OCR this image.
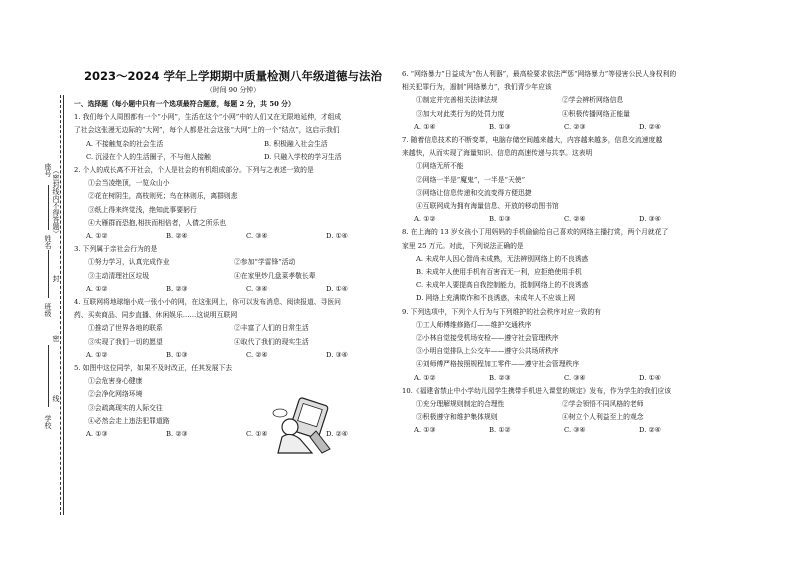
学校
班级
姓名
座号 （密封线内不得答题）
密
封
线
2023～2024 学年上学期期中质量检测八年级道德与法治
（时间 90 分钟）
一、选择题（每小题中只有一个选项最符合题意，每题 2 分，共 50 分）
1. 我们每个人周围都有一个“小网”，生活在这个“小网”中的人们又在无限地延伸，才组成
了社会这张漫无边际的“大网”，每个人都是社会这张“大网”上的一个“结点”，这启示我们
A. 不接触复杂的社会生活	B. 积极融入社会生活
C. 沉浸在个人的生活圈子，不与他人接触	D. 只融入学校的学习生活
2. 个人的成长离不开社会，个人是社会的有机组成部分。下列与之表述一致的是
①会当凌绝顶，一览众山小
②花在树阴生，高枝则死；鸟在林则乐，离群则悲
③纸上得来终觉浅，绝知此事要躬行
④大雁群而恐抱,相扶而相倍者，人倩之所乐也
A. ①②	B. ②④	C. ③④	D. ①④
3. 下列属于亲社会行为的是
①努力学习，认真完成作业	②参加“学雷锋”活动
③主动清理社区垃圾	④在家里炒几盘菜孝敬长辈
A. ①②	B. ②③	C. ③④	D. ①④
4. 互联网将地球缩小成一张小小的网，在这张网上，你可以发布消息、阅读报道、寻医问
药、买卖商品、同步直播、休闲娱乐……这说明互联网
①推动了世界各地的联系	②丰富了人们的日常生活
③实现了我们一切的愿望	④取代了我们的现实生活
A. ①②	B. ①③	C. ②④	D. ③④
5. 如图中这位同学，如果不及时改正，任其发展下去
①会危害身心健康
②会净化网络环境
③会疏离现实的人际交往
④必然会走上违法犯罪道路
A. ①③	B. ②③	C. ①④	D. ②④
6. “网络暴力”日益成为“伤人利器”，最高检要求依法严惩“网络暴力”等侵害公民人身权利的
相关犯罪行为，遏制“网络暴力”，我们青少年应该
①制定并完善相关法律法规	②学会辨析网络信息
③加大对此类行为的处罚力度	④积极传播网络正能量
A. ①④	B. ①③	C. ②③	D. ②④
7. 随着信息技术的不断变革，电脑存储空间越来越大，内容越来越多，信息交流速度越
来越快，从而实现了海量知识、信息的高速传递与共享。这表明
①网络无所不能
②网络一半是“魔鬼”，一半是“天使”
③网络让信息传递和交流变得方便迅捷
④互联网成为拥有海量信息、开放的移动图书馆
A. ①②	B. ①③	C. ②④	D. ③④
8. 在上海的 13 岁女孩小丁用妈妈的手机偷偷给自己喜欢的网络主播打赏，两个月就花了
家里 25 万元。对此，下列说法正确的是
A. 未成年人因心智尚未成熟，无法辨别网络上的不良诱惑
B. 未成年人使用手机有百害而无一利，应拒绝使用手机
C. 未成年人要提高自我控制能力，抵制网络上的不良诱惑
D. 网络上充满欺诈和不良诱惑，未成年人不应该上网
9. 下列选项中，下列个人行为与下列维护的社会秩序对应一致的有
①工人师傅维修路灯——维护交通秩序
②小林自觉接受机场安检——遵守社会管理秩序
③小明自觉排队上公交车——遵守公共场所秩序
④刘师傅严格按照规程加工零件——遵守社会管理秩序
A. ①②	B. ②③	C. ③④	D. ①④
10.《福建省禁止中小学幼儿园学生携带手机进入课堂的规定》发布，作为学生的我们应该
①充分理解规则制定的合理性	②学会领悟不同风格的老师
③积极遵守和维护集体规则	④树立个人利益至上的观念
A. ①③	B. ①②	C. ③④	D. ②④
